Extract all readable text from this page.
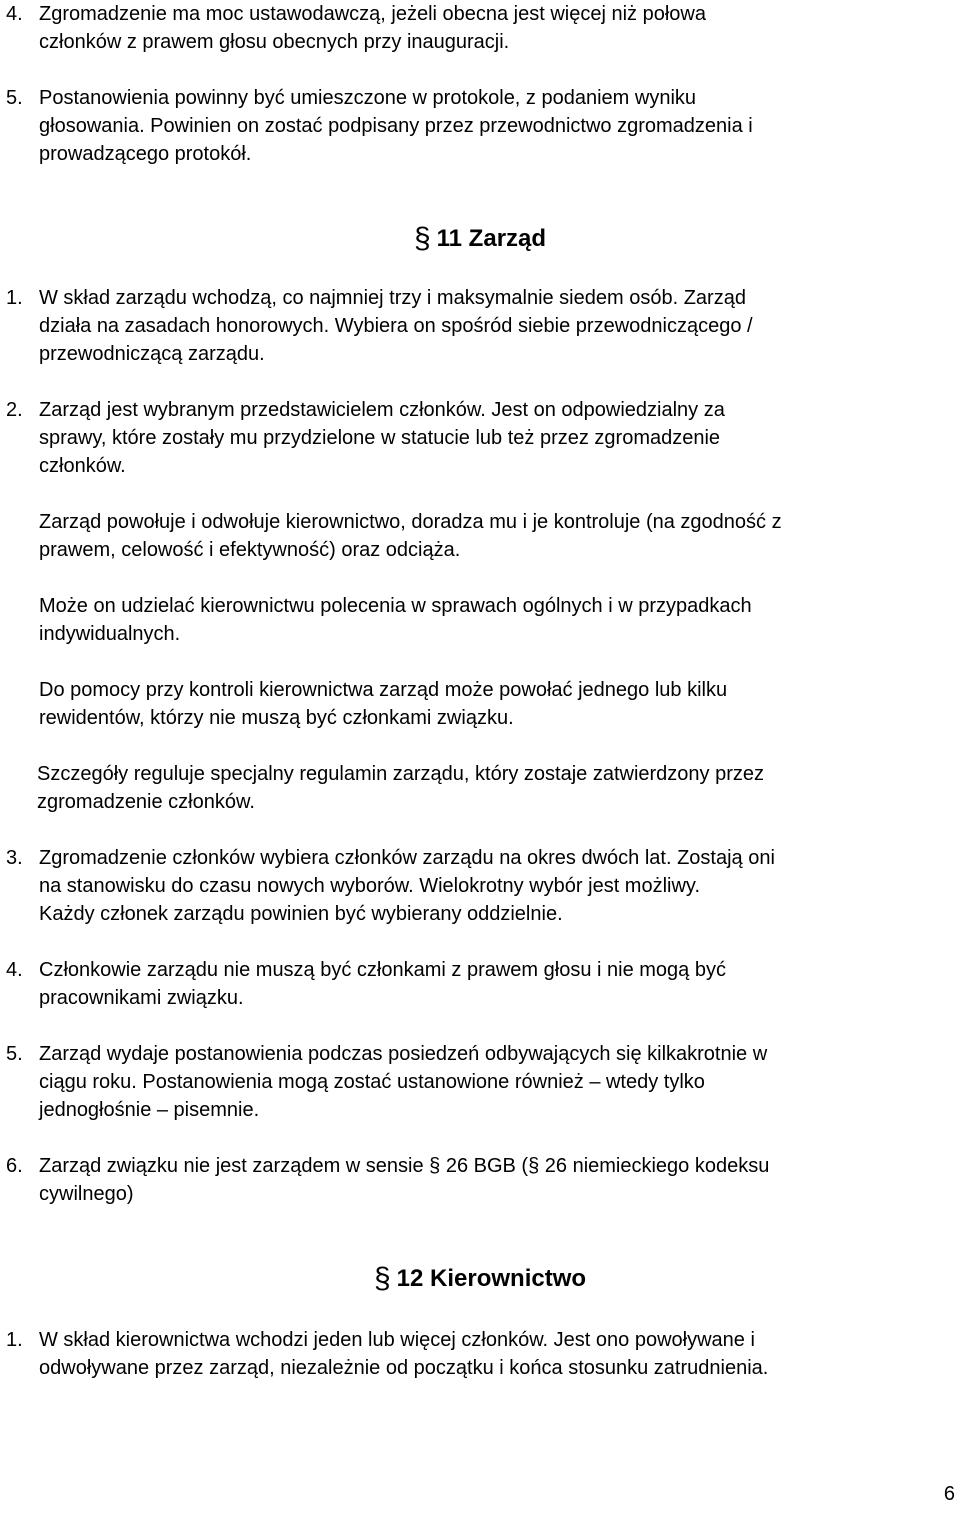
4. Zgromadzenie ma moc ustawodawczą, jeżeli obecna jest więcej niż połowa
członków z prawem głosu obecnych przy inauguracji.
5. Postanowienia powinny być umieszczone w protokole, z podaniem wyniku
głosowania. Powinien on zostać podpisany przez przewodnictwo zgromadzenia i
prowadzącego protokół.
§ 11 Zarząd
1. W skład zarządu wchodzą, co najmniej trzy i maksymalnie siedem osób. Zarząd
działa na zasadach honorowych. Wybiera on spośród siebie przewodniczącego /
przewodniczącą zarządu.
2. Zarząd jest wybranym przedstawicielem członków. Jest on odpowiedzialny za
sprawy, które zostały mu przydzielone w statucie lub też przez zgromadzenie
członków.
Zarząd powołuje i odwołuje kierownictwo, doradza mu i je kontroluje (na zgodność z
prawem, celowość i efektywność) oraz odciąża.
Może on udzielać kierownictwu polecenia w sprawach ogólnych i w przypadkach
indywidualnych.
Do pomocy przy kontroli kierownictwa zarząd może powołać jednego lub kilku
rewidentów, którzy nie muszą być członkami związku.
Szczegóły reguluje specjalny regulamin zarządu, który zostaje zatwierdzony przez
zgromadzenie członków.
3. Zgromadzenie członków wybiera członków zarządu na okres dwóch lat. Zostają oni
na stanowisku do czasu nowych wyborów. Wielokrotny wybór jest możliwy.
Każdy członek zarządu powinien być wybierany oddzielnie.
4. Członkowie zarządu nie muszą być członkami z prawem głosu i nie mogą być
pracownikami związku.
5. Zarząd wydaje postanowienia podczas posiedzeń odbywających się kilkakrotnie w
ciągu roku. Postanowienia mogą zostać ustanowione również – wtedy tylko
jednogłośnie – pisemnie.
6. Zarząd związku nie jest zarządem w sensie § 26 BGB (§ 26 niemieckiego kodeksu
cywilnego)
§ 12 Kierownictwo
1. W skład kierownictwa wchodzi jeden lub więcej członków. Jest ono powoływane i
odwoływane przez zarząd, niezależnie od początku i końca stosunku zatrudnienia.
6
